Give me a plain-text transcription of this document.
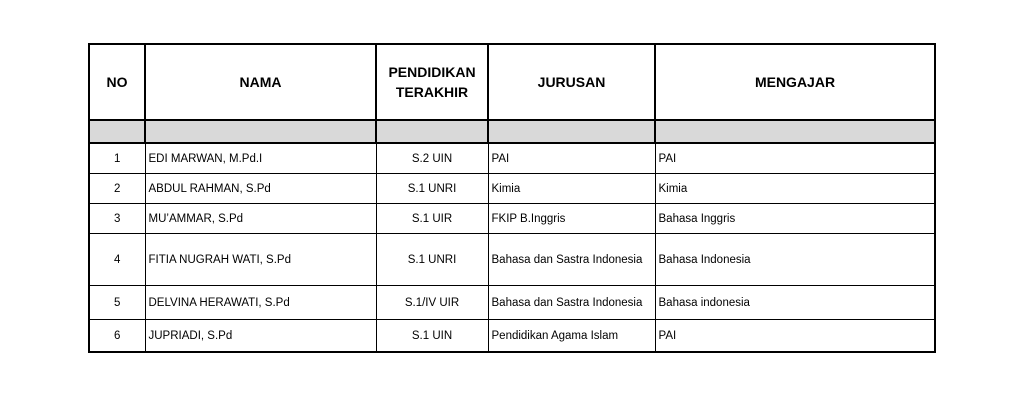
NO	NAMA	PENDIDIKAN TERAKHIR	JURUSAN	MENGAJAR

1	EDI MARWAN, M.Pd.I	S.2 UIN	PAI	PAI
2	ABDUL RAHMAN, S.Pd	S.1 UNRI	Kimia	Kimia
3	MU’AMMAR, S.Pd	S.1 UIR	FKIP B.Inggris	Bahasa Inggris
4	FITIA NUGRAH WATI, S.Pd	S.1 UNRI	Bahasa dan Sastra Indonesia	Bahasa Indonesia
5	DELVINA HERAWATI, S.Pd	S.1/IV UIR	Bahasa dan Sastra Indonesia	Bahasa indonesia
6	JUPRIADI, S.Pd	S.1 UIN	Pendidikan Agama Islam	PAI
